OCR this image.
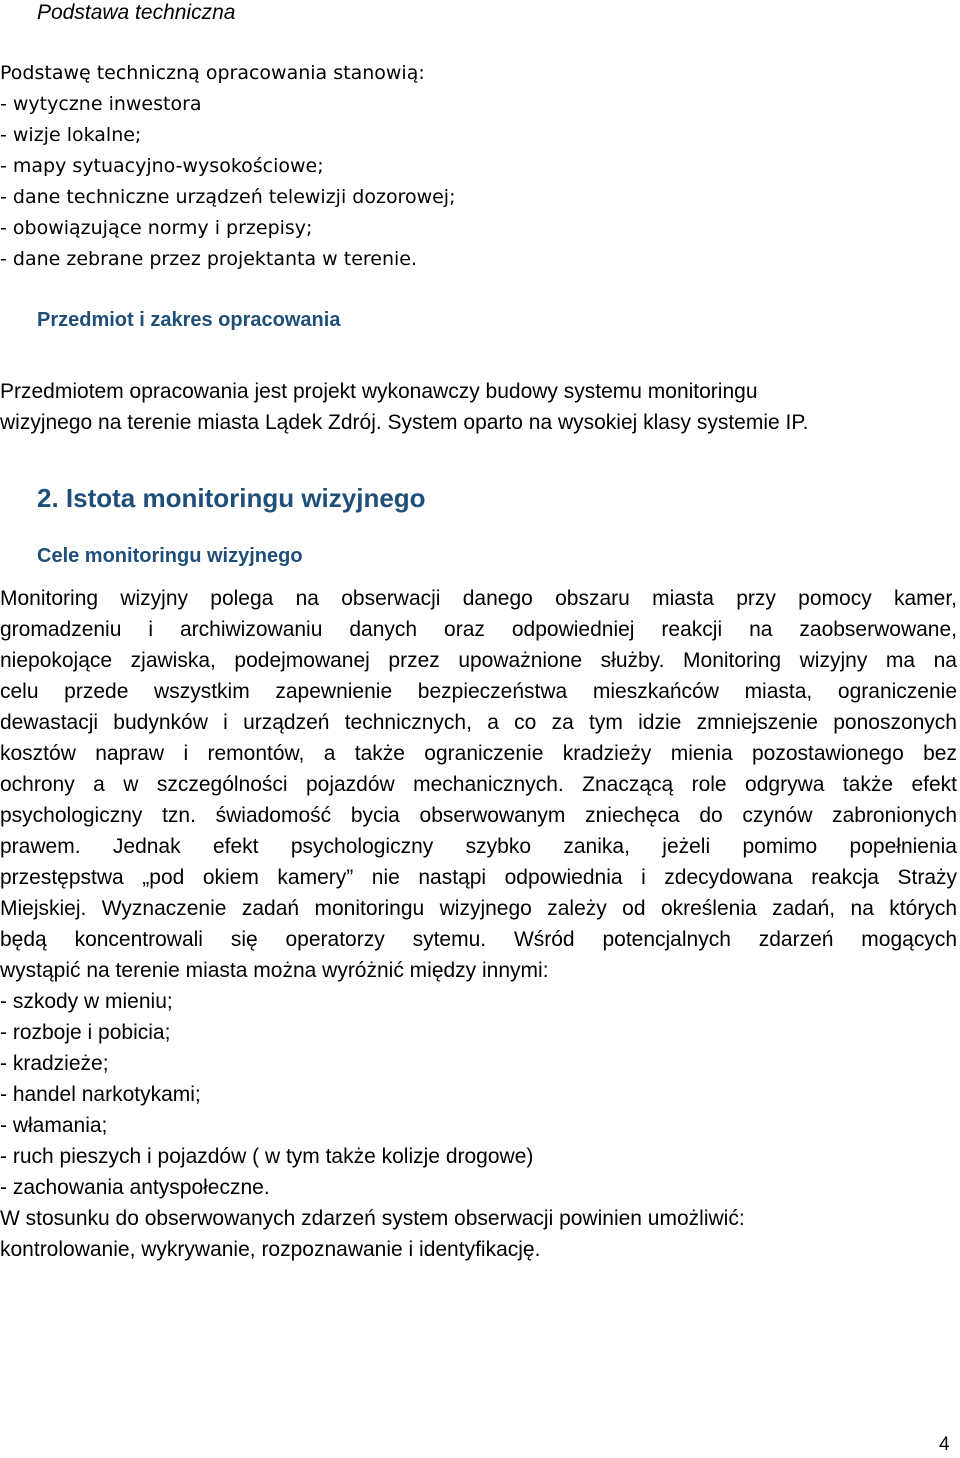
Podstawa techniczna

Podstawę techniczną opracowania stanowią:

- wytyczne inwestora
- wizje lokalne;
- mapy sytuacyjno-wysokościowe;
- dane techniczne urządzeń telewizji dozorowej;
- obowiązujące normy i przepisy;
- dane zebrane przez projektanta w terenie.

Przedmiot i zakres opracowania

Przedmiotem opracowania jest projekt wykonawczy budowy systemu monitoringu
wizyjnego na terenie miasta Lądek Zdrój. System oparto na wysokiej klasy systemie IP.

2. Istota monitoringu wizyjnego

Cele monitoringu wizyjnego

Monitoring wizyjny polega na obserwacji danego obszaru miasta przy pomocy kamer,
gromadzeniu i archiwizowaniu danych oraz odpowiedniej reakcji na zaobserwowane,
niepokojące zjawiska, podejmowanej przez upoważnione służby. Monitoring wizyjny ma na
celu przede wszystkim zapewnienie bezpieczeństwa mieszkańców miasta, ograniczenie
dewastacji budynków i urządzeń technicznych, a co za tym idzie zmniejszenie ponoszonych
kosztów napraw i remontów, a także ograniczenie kradzieży mienia pozostawionego bez
ochrony a w szczególności pojazdów mechanicznych. Znaczącą role odgrywa także efekt
psychologiczny tzn. świadomość bycia obserwowanym zniechęca do czynów zabronionych
prawem. Jednak efekt psychologiczny szybko zanika, jeżeli pomimo popełnienia
przestępstwa „pod okiem kamery” nie nastąpi odpowiednia i zdecydowana reakcja Straży
Miejskiej. Wyznaczenie zadań monitoringu wizyjnego zależy od określenia zadań, na których
będą koncentrowali się operatorzy sytemu. Wśród potencjalnych zdarzeń mogących
wystąpić na terenie miasta można wyróżnić między innymi:
- szkody w mieniu;
- rozboje i pobicia;
- kradzieże;
- handel narkotykami;
- włamania;
- ruch pieszych i pojazdów ( w tym także kolizje drogowe)
- zachowania antyspołeczne.
W stosunku do obserwowanych zdarzeń system obserwacji powinien umożliwić:
kontrolowanie, wykrywanie, rozpoznawanie i identyfikację.
4
